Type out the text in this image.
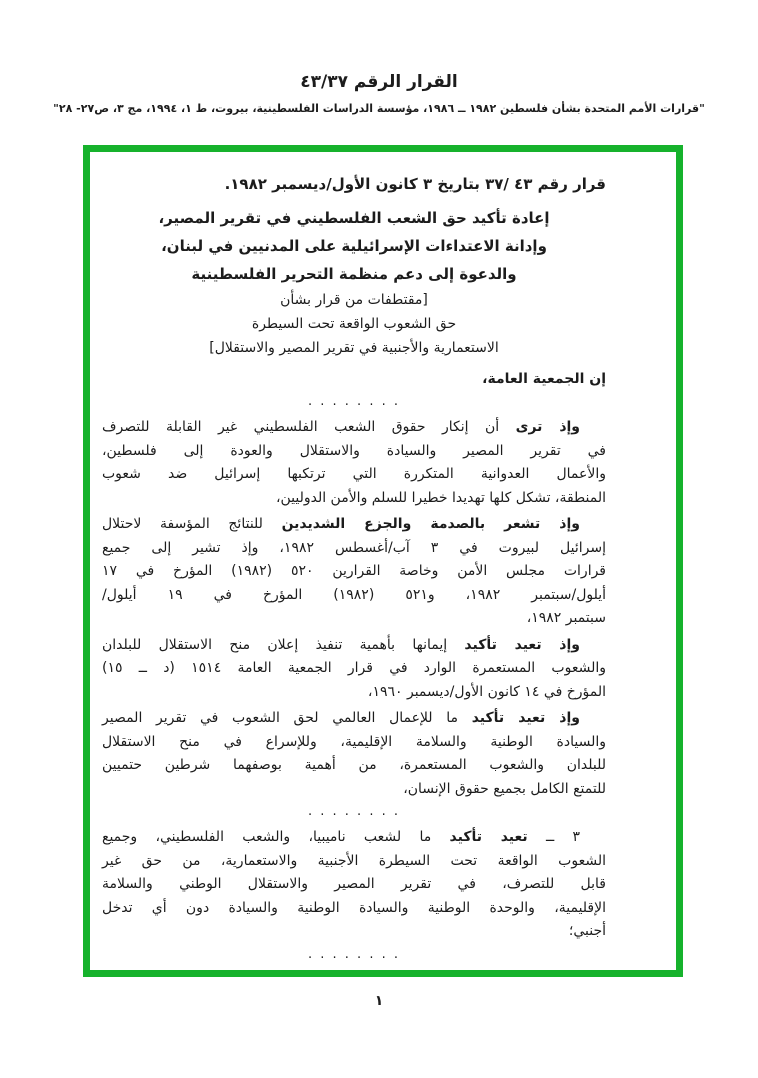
القرار الرقم ٤٣/٣٧
"قرارات الأمم المتحدة بشأن فلسطين ١٩٨٢ ــ ١٩٨٦، مؤسسة الدراسات الفلسطينية، بيروت، ط ١، ١٩٩٤، مج ٣، ص٢٧- ٢٨"
قرار رقم ٤٣ /٣٧ بتاريخ ٣ كانون الأول/ديسمبر ١٩٨٢.
إعادة تأكيد حق الشعب الفلسطيني في تقرير المصير،
وإدانة الاعتداءات الإسرائيلية على المدنيين في لبنان،
والدعوة إلى دعم منظمة التحرير الفلسطينية
[مقتطفات من قرار بشأن
حق الشعوب الواقعة تحت السيطرة
الاستعمارية والأجنبية في تقرير المصير والاستقلال]
إن الجمعية العامة،
. . . . . . . .
وإذ ترى أن إنكار حقوق الشعب الفلسطيني غير القابلة للتصرف
في تقرير المصير والسيادة والاستقلال والعودة إلى فلسطين،
والأعمال العدوانية المتكررة التي ترتكبها إسرائيل ضد شعوب
المنطقة، تشكل كلها تهديدا خطيرا للسلم والأمن الدوليين،
وإذ تشعر بالصدمة والجزع الشديدين للنتائج المؤسفة لاحتلال
إسرائيل لبيروت في ٣ آب/أغسطس ١٩٨٢، وإذ تشير إلى جميع
قرارات مجلس الأمن وخاصة القرارين ٥٢٠ (١٩٨٢) المؤرخ في ١٧
أيلول/سبتمبر ١٩٨٢، و٥٢١ (١٩٨٢) المؤرخ في ١٩ أيلول/
سبتمبر ١٩٨٢،
وإذ تعيد تأكيد إيمانها بأهمية تنفيذ إعلان منح الاستقلال للبلدان
والشعوب المستعمرة الوارد في قرار الجمعية العامة ١٥١٤ (د ــ ١٥)
المؤرخ في ١٤ كانون الأول/ديسمبر ١٩٦٠،
وإذ تعيد تأكيد ما للإعمال العالمي لحق الشعوب في تقرير المصير
والسيادة الوطنية والسلامة الإقليمية، وللإسراع في منح الاستقلال
للبلدان والشعوب المستعمرة، من أهمية بوصفهما شرطين حتميين
للتمتع الكامل بجميع حقوق الإنسان،
. . . . . . . .
٣ ــ تعيد تأكيد ما لشعب ناميبيا، والشعب الفلسطيني، وجميع
الشعوب الواقعة تحت السيطرة الأجنبية والاستعمارية، من حق غير
قابل للتصرف، في تقرير المصير والاستقلال الوطني والسلامة
الإقليمية، والوحدة الوطنية والسيادة الوطنية والسيادة دون أي تدخل
أجنبي؛
. . . . . . . .
١
